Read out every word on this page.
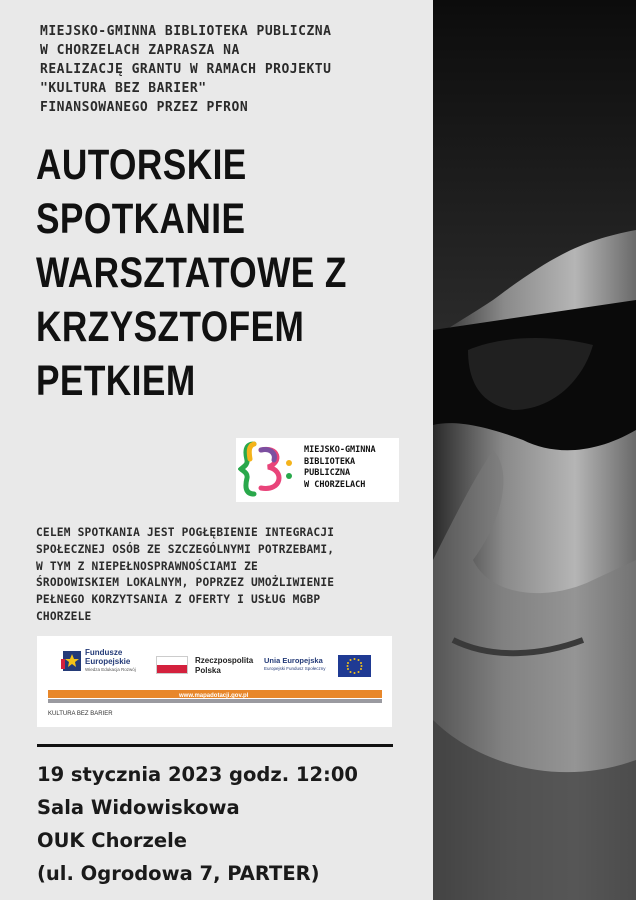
MIEJSKO-GMINNA BIBLIOTEKA PUBLICZNA
W CHORZELACH ZAPRASZA NA
REALIZACJĘ GRANTU W RAMACH PROJEKTU
"KULTURA BEZ BARIER"
FINANSOWANEGO PRZEZ PFRON
AUTORSKIE
SPOTKANIE
WARSZTATOWE Z
KRZYSZTOFEM
PETKIEM
MIEJSKO-GMINNA
BIBLIOTEKA
PUBLICZNA
W CHORZELACH
CELEM SPOTKANIA JEST POGŁĘBIENIE INTEGRACJI
SPOŁECZNEJ OSÓB ZE SZCZEGÓLNYMI POTRZEBAMI,
W TYM Z NIEPEŁNOSPRAWNOŚCIAMI ZE
ŚRODOWISKIEM LOKALNYM, POPRZEZ UMOŻLIWIENIE
PEŁNEGO KORZYTSANIA Z OFERTY I USŁUG MGBP
CHORZELE
Fundusze
Europejskie
Wiedza Edukacja Rozwój
Rzeczpospolita
Polska
Unia Europejska
Europejski Fundusz Społeczny
www.mapadotacji.gov.pl
KULTURA BEZ BARIER
19 stycznia 2023 godz. 12:00
Sala Widowiskowa
OUK Chorzele
(ul. Ogrodowa 7, PARTER)
